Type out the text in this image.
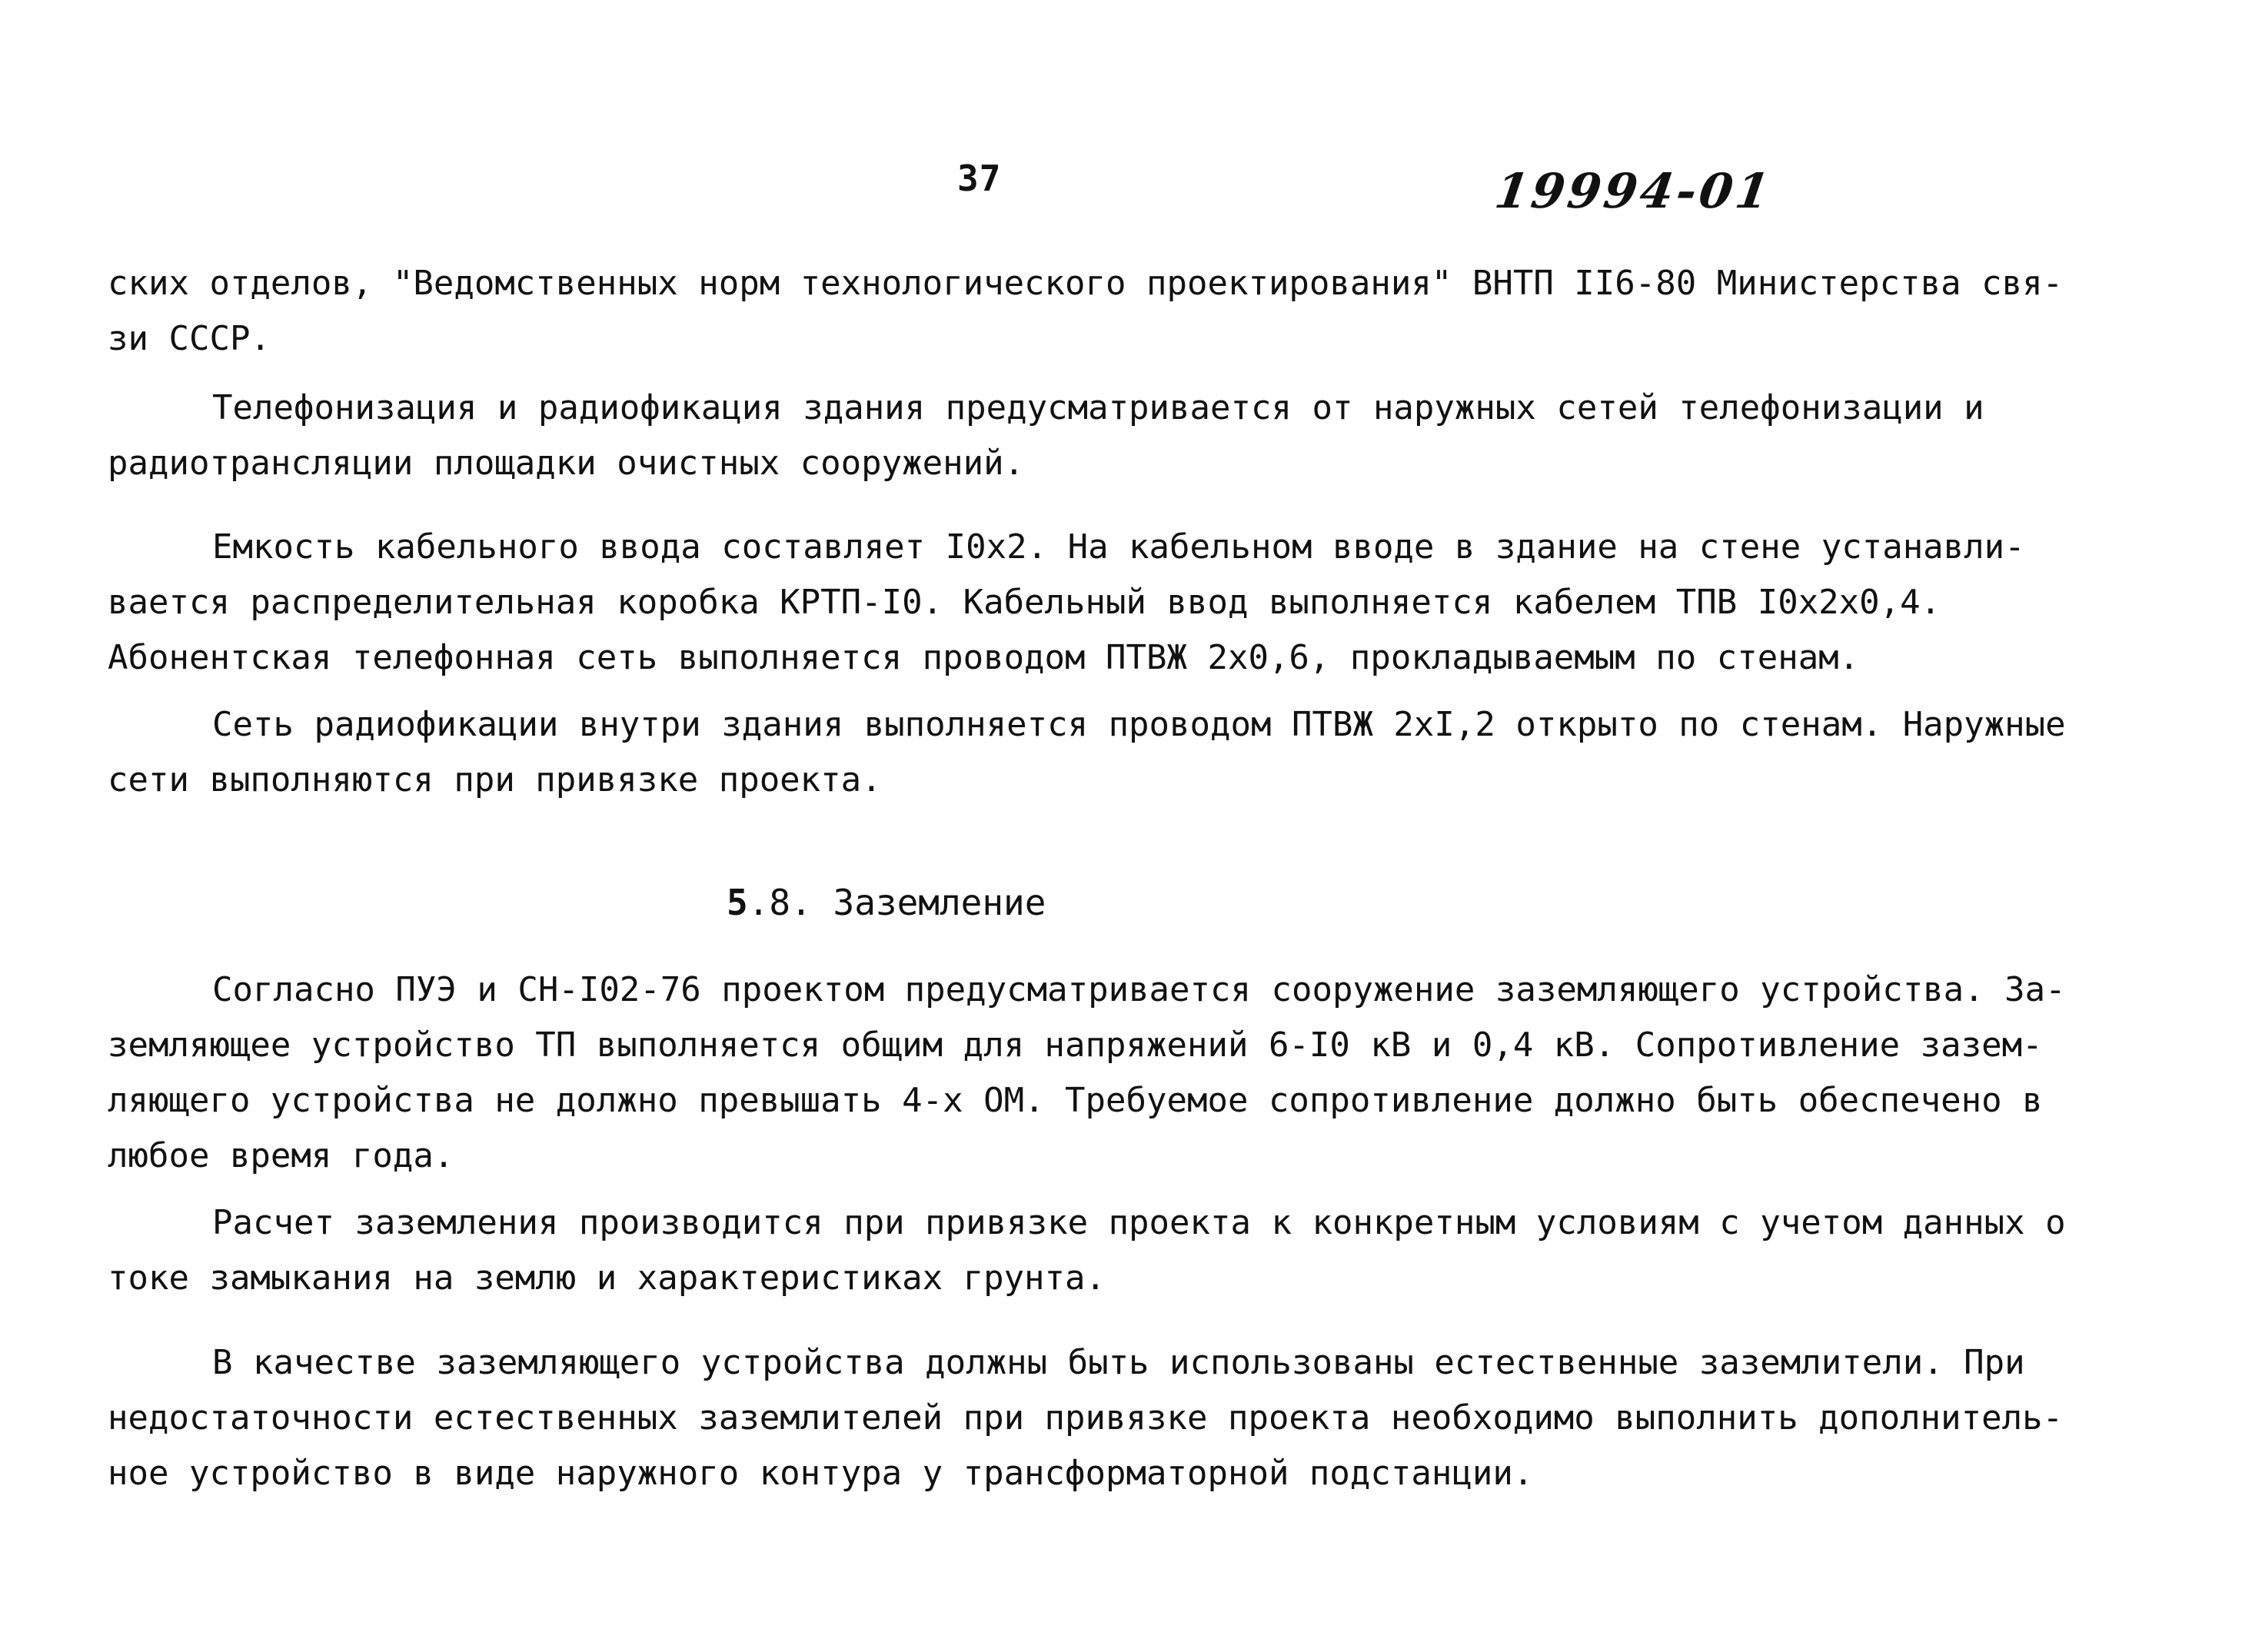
37	19994-01
ских отделов, "Ведомственных норм технологического проектирования" ВНТП II6-80 Министерства свя-
зи СССР.
Телефонизация и радиофикация здания предусматривается от наружных сетей телефонизации и
радиотрансляции площадки очистных сооружений.
Емкость кабельного ввода составляет I0х2. На кабельном вводе в здание на стене устанавли-
вается распределительная коробка КРТП-I0. Кабельный ввод выполняется кабелем ТПВ I0х2х0,4.
Абонентская телефонная сеть выполняется проводом ПТВЖ 2х0,6, прокладываемым по стенам.
Сеть радиофикации внутри здания выполняется проводом ПТВЖ 2хI,2 открыто по стенам. Наружные
сети выполняются при привязке проекта.
5.8. Заземление
Согласно ПУЭ и СН-I02-76 проектом предусматривается сооружение заземляющего устройства. За-
земляющее устройство ТП выполняется общим для напряжений 6-I0 кВ и 0,4 кВ. Сопротивление зазем-
ляющего устройства не должно превышать 4-х ОМ. Требуемое сопротивление должно быть обеспечено в
любое время года.
Расчет заземления производится при привязке проекта к конкретным условиям с учетом данных о
токе замыкания на землю и характеристиках грунта.
В качестве заземляющего устройства должны быть использованы естественные заземлители. При
недостаточности естественных заземлителей при привязке проекта необходимо выполнить дополнитель-
ное устройство в виде наружного контура у трансформаторной подстанции.
